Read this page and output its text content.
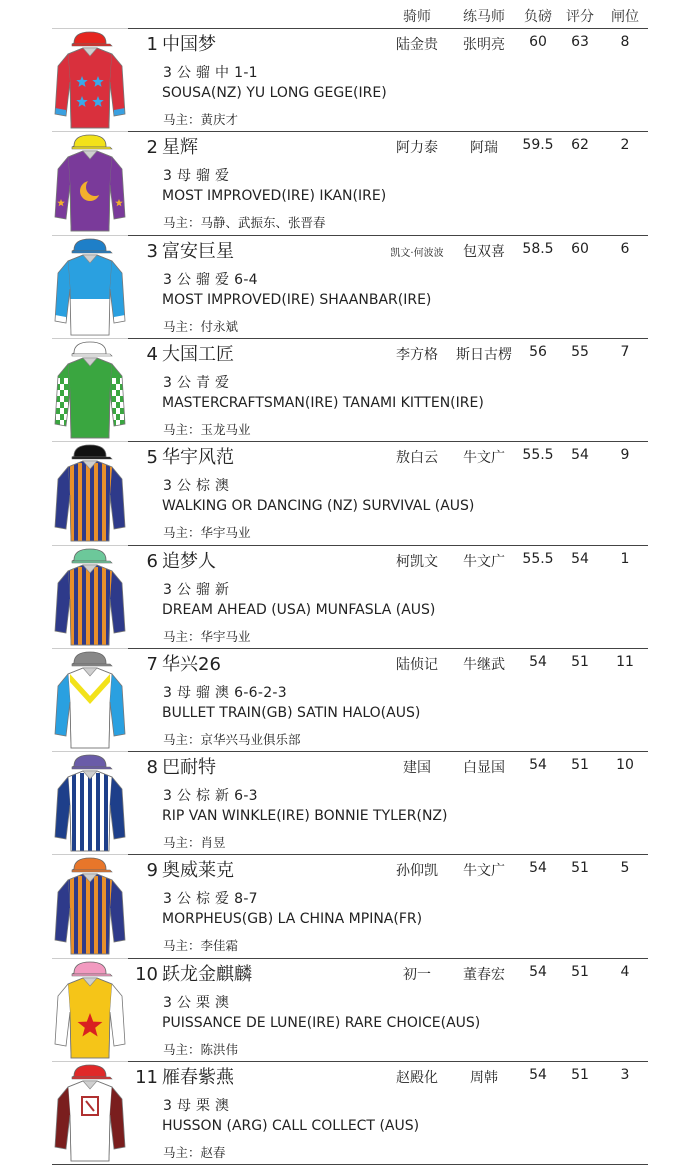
骑师	练马师	负磅	评分	闸位
1 中国梦	陆金贵	张明亮	60	63	8
3 公 骝 中 1-1
SOUSA(NZ) YU LONG GEGE(IRE)
马主：黄庆才
2 星辉	阿力泰	阿瑞	59.5	62	2
3 母 骝 爱
MOST IMPROVED(IRE) IKAN(IRE)
马主：马静、武振东、张晋春
3 富安巨星	凯文·何波波	包双喜	58.5	60	6
3 公 骝 爱 6-4
MOST IMPROVED(IRE) SHAANBAR(IRE)
马主：付永斌
4 大国工匠	李方格	斯日古楞	56	55	7
3 公 青 爱
MASTERCRAFTSMAN(IRE) TANAMI KITTEN(IRE)
马主：玉龙马业
5 华宇风范	敖白云	牛文广	55.5	54	9
3 公 棕 澳
WALKING OR DANCING (NZ) SURVIVAL (AUS)
马主：华宇马业
6 追梦人	柯凯文	牛文广	55.5	54	1
3 公 骝 新
DREAM AHEAD (USA) MUNFASLA (AUS)
马主：华宇马业
7 华兴26	陆侦记	牛继武	54	51	11
3 母 骝 澳 6-6-2-3
BULLET TRAIN(GB) SATIN HALO(AUS)
马主：京华兴马业俱乐部
8 巴耐特	建国	白显国	54	51	10
3 公 棕 新 6-3
RIP VAN WINKLE(IRE) BONNIE TYLER(NZ)
马主：肖昱
9 奥威莱克	孙仰凯	牛文广	54	51	5
3 公 棕 爱 8-7
MORPHEUS(GB) LA CHINA MPINA(FR)
马主：李佳霜
10 跃龙金麒麟	初一	董春宏	54	51	4
3 公 栗 澳
PUISSANCE DE LUNE(IRE) RARE CHOICE(AUS)
马主：陈洪伟
11 雁春紫燕	赵殿化	周韩	54	51	3
3 母 栗 澳
HUSSON (ARG) CALL COLLECT (AUS)
马主：赵春
